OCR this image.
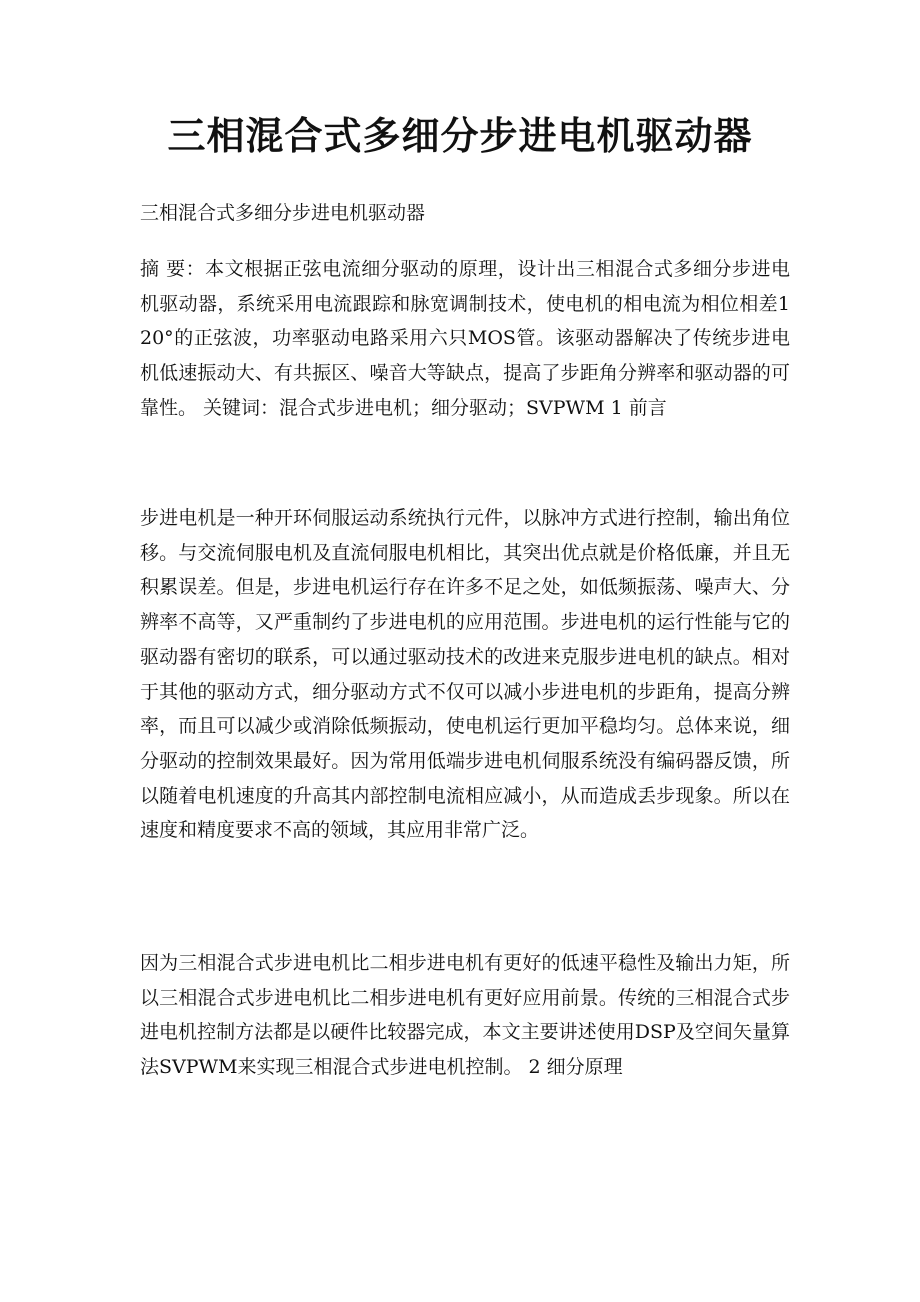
三相混合式多细分步进电机驱动器

三相混合式多细分步进电机驱动器

摘 要：本文根据正弦电流细分驱动的原理，设计出三相混合式多细分步进电机驱动器，系统采用电流跟踪和脉宽调制技术，使电机的相电流为相位相差120°的正弦波，功率驱动电路采用六只MOS管。该驱动器解决了传统步进电机低速振动大、有共振区、噪音大等缺点，提高了步距角分辨率和驱动器的可靠性。 关键词：混合式步进电机；细分驱动；SVPWM 1 前言

步进电机是一种开环伺服运动系统执行元件，以脉冲方式进行控制，输出角位移。与交流伺服电机及直流伺服电机相比，其突出优点就是价格低廉，并且无积累误差。但是，步进电机运行存在许多不足之处，如低频振荡、噪声大、分辨率不高等，又严重制约了步进电机的应用范围。步进电机的运行性能与它的驱动器有密切的联系，可以通过驱动技术的改进来克服步进电机的缺点。相对于其他的驱动方式，细分驱动方式不仅可以减小步进电机的步距角，提高分辨率，而且可以减少或消除低频振动，使电机运行更加平稳均匀。总体来说，细分驱动的控制效果最好。因为常用低端步进电机伺服系统没有编码器反馈，所以随着电机速度的升高其内部控制电流相应减小，从而造成丢步现象。所以在速度和精度要求不高的领域，其应用非常广泛。

因为三相混合式步进电机比二相步进电机有更好的低速平稳性及输出力矩，所以三相混合式步进电机比二相步进电机有更好应用前景。传统的三相混合式步进电机控制方法都是以硬件比较器完成，本文主要讲述使用DSP及空间矢量算法SVPWM来实现三相混合式步进电机控制。 2 细分原理
